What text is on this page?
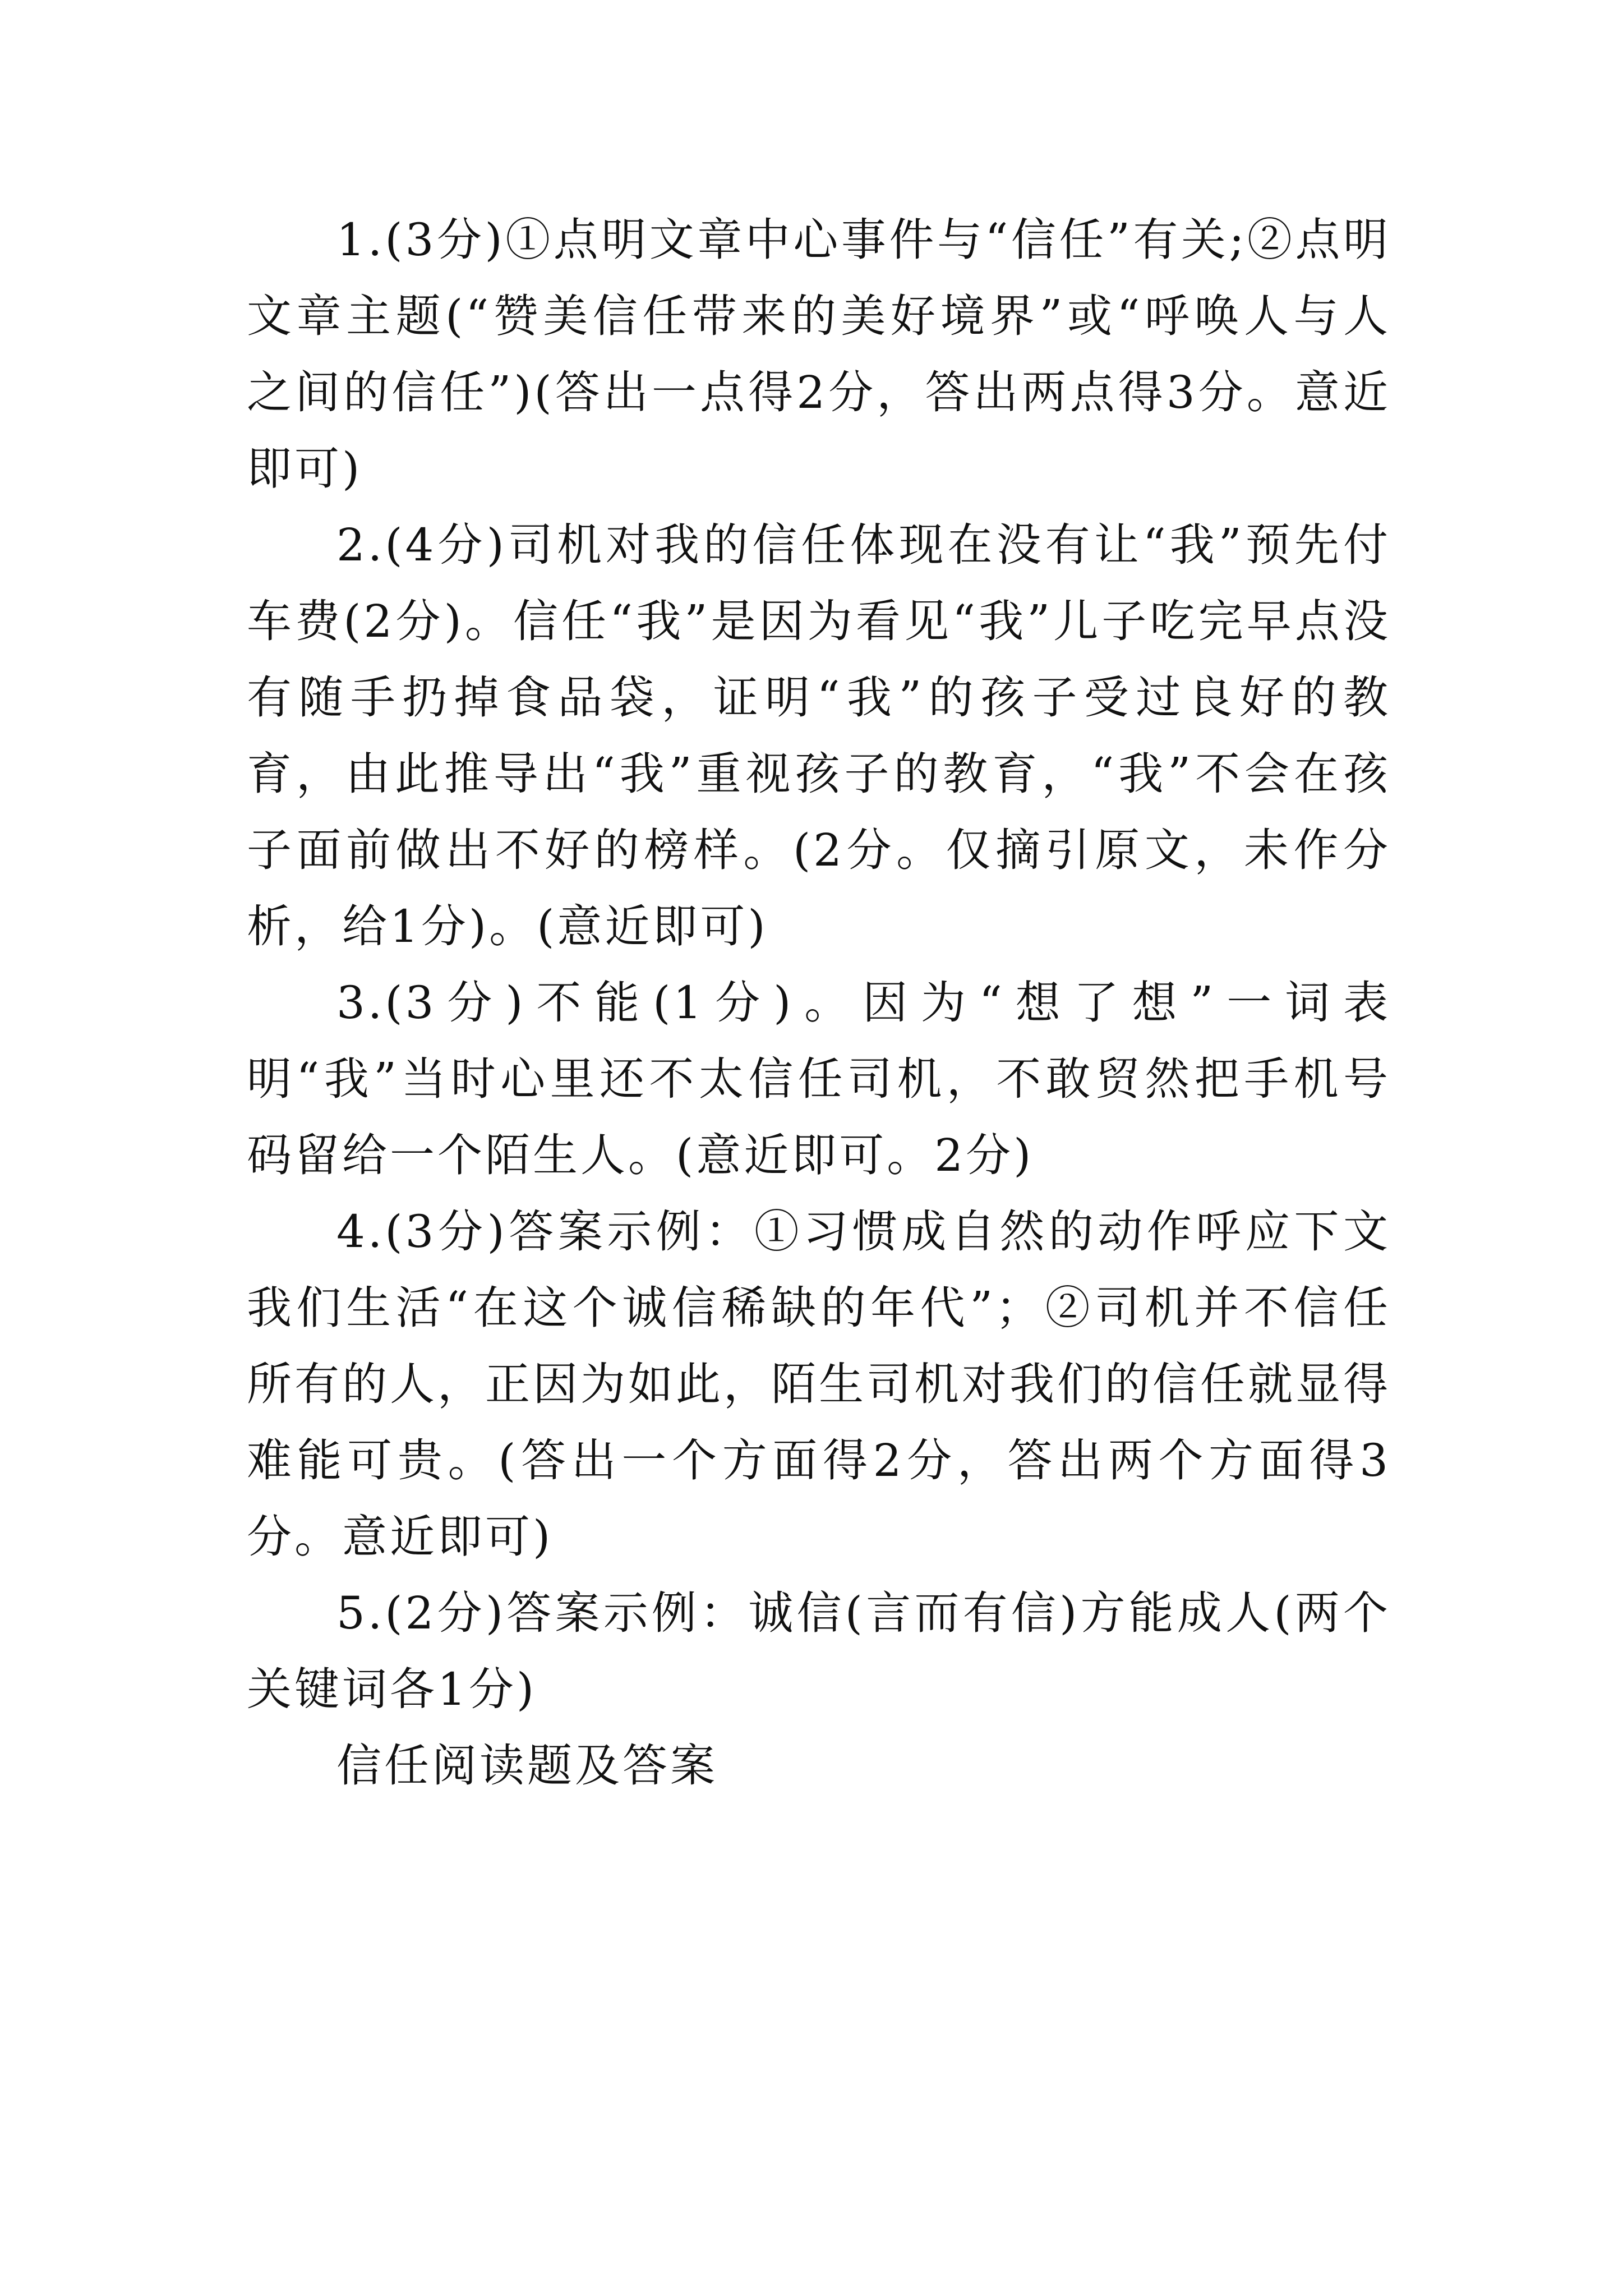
1.(3分)①点明文章中心事件与“信任”有关;②点明文章主题(“赞美信任带来的美好境界”或“呼唤人与人之间的信任”)(答出一点得2分，答出两点得3分。意近即可)

2.(4分)司机对我的信任体现在没有让“我”预先付车费(2分)。信任“我”是因为看见“我”儿子吃完早点没有随手扔掉食品袋，证明“我”的孩子受过良好的教育，由此推导出“我”重视孩子的教育，“我”不会在孩子面前做出不好的榜样。(2分。仅摘引原文，未作分析，给1分)。(意近即可)

3.(3分)不能(1分)。因为“想了想”一词表明“我”当时心里还不太信任司机，不敢贸然把手机号码留给一个陌生人。(意近即可。2分)

4.(3分)答案示例：①习惯成自然的动作呼应下文我们生活“在这个诚信稀缺的年代”；②司机并不信任所有的人，正因为如此，陌生司机对我们的信任就显得难能可贵。(答出一个方面得2分，答出两个方面得3分。意近即可)

5.(2分)答案示例：诚信(言而有信)方能成人(两个关键词各1分)

信任阅读题及答案
